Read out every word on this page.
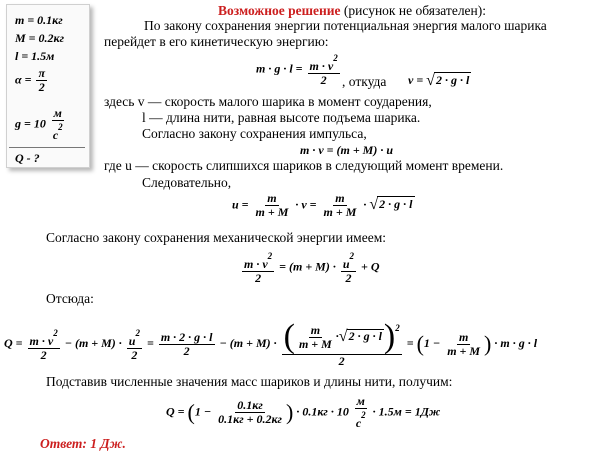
m = 0.1кг
M = 0.2кг
l = 1.5м
$\alpha = \frac{\pi}{2}$
$g = 10 \frac{м}{с^2}$
Q - ?
Возможное решение (рисунок не обязателен):
По закону сохранения энергии потенциальная энергия малого шарика
перейдет в его кинетическую энергию:
$m \cdot g \cdot l = \frac{m \cdot v^2}{2}$ , откуда v = √2 · g · l
здесь v — скорость малого шарика в момент соударения,
l — длина нити, равная высоте подъема шарика.
Согласно закону сохранения импульса,
m · v = (m + M) · u
где u — скорость слипшихся шариков в следующий момент времени.
Следовательно,
$u = \frac{m}{m + M} \cdot v = \frac{m}{m + M} \cdot √2 \cdot g \cdot l$
Согласно закону сохранения механической энергии имеем:
$\frac{m \cdot v^2}{2} = (m + M) \cdot \frac{u^2}{2} + Q$
Отсюда:
$Q = \frac{m \cdot v^2}{2} - (m + M) \cdot \frac{u^2}{2} = \frac{m \cdot 2 \cdot g \cdot l}{2} - (m + M) \cdot \frac{( \frac{m}{m + M} \cdot√2 \cdot g \cdot l)^2}{2} = (1 - \frac{m}{m + M}$ ) · m · g · l
Подставив численные значения масс шариков и длины нити, получим:
$Q = (1 - \frac{0.1кг}{0.1кг + 0.2кг}$ ) · $0.1кг \cdot 10 \frac{м}{с^2} \cdot 1.5м = 1Дж$
Ответ: 1 Дж.
